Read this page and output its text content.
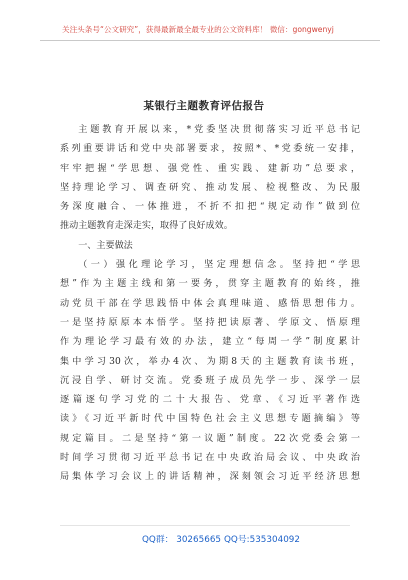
关注头条号“公文研究”，获得最新最全最专业的公文资料库！ 微信：gongwenyj
某银行主题教育评估报告
主题教育开展以来，*党委坚决贯彻落实习近平总书记
系列重要讲话和党中央部署要求，按照*、*党委统一安排，
牢牢把握“学思想、强党性、重实践、建新功”总要求，
坚持理论学习、调查研究、推动发展、检视整改、为民服
务深度融合、一体推进，不折不扣把“规定动作”做到位
推动主题教育走深走实，取得了良好成效。
一、主要做法
（一）强化理论学习，坚定理想信念。坚持把“学思
想”作为主题主线和第一要务，贯穿主题教育的始终，推
动党员干部在学思践悟中体会真理味道、感悟思想伟力。
一是坚持原原本本悟学。坚持把读原著、学原文、悟原理
作为理论学习最有效的办法，建立“每周一学”制度累计
集中学习30次，举办4次、为期8天的主题教育读书班，
沉浸自学、研讨交流。党委班子成员先学一步、深学一层
逐篇逐句学习党的二十大报告、党章、《习近平著作选
读》《习近平新时代中国特色社会主义思想专题摘编》等
规定篇目。二是坚持“第一议题”制度。22次党委会第一
时间学习贯彻习近平总书记在中央政治局会议、中央政治
局集体学习会议上的讲话精神，深刻领会习近平经济思想
QQ群： 30265665 QQ号:535304092
